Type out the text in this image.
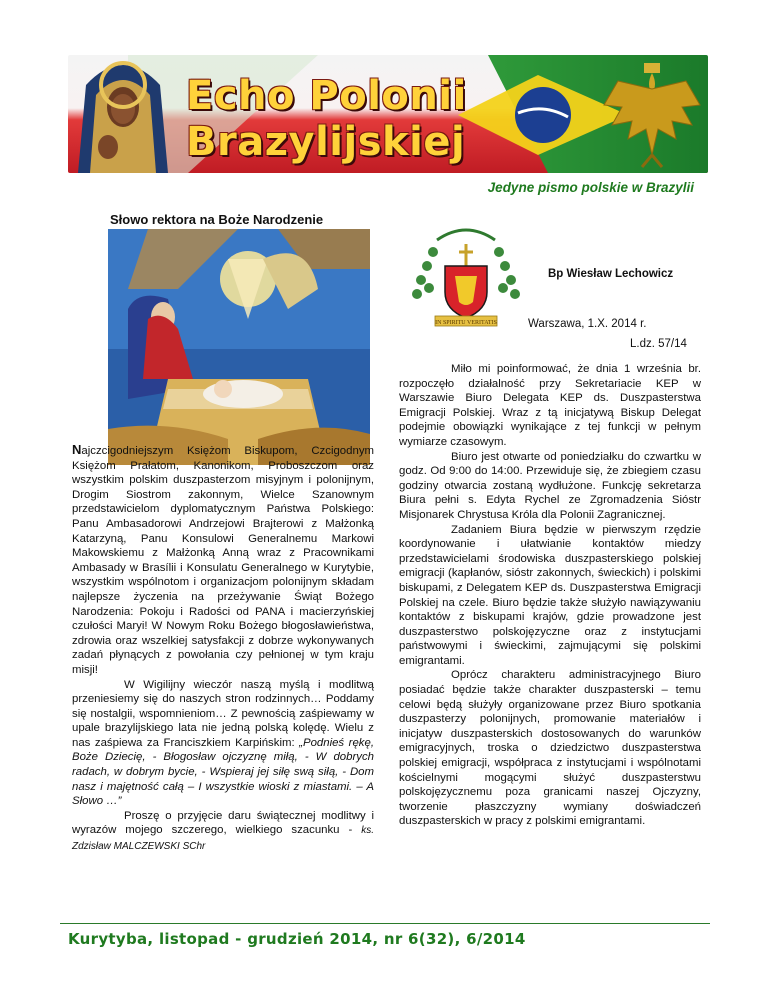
Echo Polonii
Brazylijskiej
Jedyne pismo polskie w Brazylii
Słowo rektora na Boże Narodzenie

Najczcigodniejszym Księżom Biskupom, Czcigodnym Księżom Prałatom, Kanonikom, Proboszczom oraz wszystkim polskim duszpasterzom misyjnym i polonijnym, Drogim Siostrom zakonnym, Wielce Szanownym przedstawicielom dyplomatycznym Państwa Polskiego: Panu Ambasadorowi Andrzejowi Brajterowi z Małżonką Katarzyną, Panu Konsulowi Generalnemu Markowi Makowskiemu z Małżonką Anną wraz z Pracownikami Ambasady w Brasílii i Konsulatu Generalnego w Kurytybie, wszystkim wspólnotom i organizacjom polonijnym składam najlepsze życzenia na przeżywanie Świąt Bożego Narodzenia: Pokoju i Radości od PANA i macierzyńskiej czułości Maryi! W Nowym Roku Bożego błogosławieństwa, zdrowia oraz wszelkiej satysfakcji z dobrze wykonywanych zadań płynących z powołania czy pełnionej w tym kraju misji!

W Wigilijny wieczór naszą myślą i modlitwą przeniesiemy się do naszych stron rodzinnych… Poddamy się nostalgii, wspomnieniom… Z pewnością zaśpiewamy w upale brazylijskiego lata nie jedną polską kolędę. Wielu z nas zaśpiewa za Franciszkiem Karpińskim: „Podnieś rękę, Boże Dziecię, - Błogosław ojczyznę miłą, - W dobrych radach, w dobrym bycie, - Wspieraj jej siłę swą siłą, - Dom nasz i majętność całą – I wszystkie wioski z miastami. – A Słowo …”

Proszę o przyjęcie daru świątecznej modlitwy i wyrazów mojego szczerego, wielkiego szacunku - ks. Zdzisław MALCZEWSKI SChr

IN SPIRITU VERITATIS
Bp Wiesław Lechowicz
Warszawa, 1.X. 2014 r.
L.dz. 57/14

Miło mi poinformować, że dnia 1 września br. rozpoczęło działalność przy Sekretariacie KEP w Warszawie Biuro Delegata KEP ds. Duszpasterstwa Emigracji Polskiej. Wraz z tą inicjatywą Biskup Delegat podejmie obowiązki wynikające z tej funkcji w pełnym wymiarze czasowym.

Biuro jest otwarte od poniedziałku do czwartku w godz. Od 9:00 do 14:00. Przewiduje się, że zbiegiem czasu godziny otwarcia zostaną wydłużone. Funkcję sekretarza Biura pełni s. Edyta Rychel ze Zgromadzenia Sióstr Misjonarek Chrystusa Króla dla Polonii Zagranicznej.

Zadaniem Biura będzie w pierwszym rzędzie koordynowanie i ułatwianie kontaktów miedzy przedstawicielami środowiska duszpasterskiego polskiej emigracji (kapłanów, sióstr zakonnych, świeckich) i polskimi biskupami, z Delegatem KEP ds. Duszpasterstwa Emigracji Polskiej na czele. Biuro będzie także służyło nawiązywaniu kontaktów z biskupami krajów, gdzie prowadzone jest duszpasterstwo polskojęzyczne oraz z instytucjami państwowymi i świeckimi, zajmującymi się polskimi emigrantami.

Oprócz charakteru administracyjnego Biuro posiadać będzie także charakter duszpasterski – temu celowi będą służyły organizowane przez Biuro spotkania duszpasterzy polonijnych, promowanie materiałów i inicjatyw duszpasterskich dostosowanych do warunków emigracyjnych, troska o dziedzictwo duszpasterstwa polskiej emigracji, współpraca z instytucjami i wspólnotami kościelnymi mogącymi służyć duszpasterstwu polskojęzycznemu poza granicami naszej Ojczyzny, tworzenie płaszczyzny wymiany doświadczeń duszpasterskich w pracy z polskimi emigrantami.

Kurytyba, listopad - grudzień 2014, nr 6(32), 6/2014
